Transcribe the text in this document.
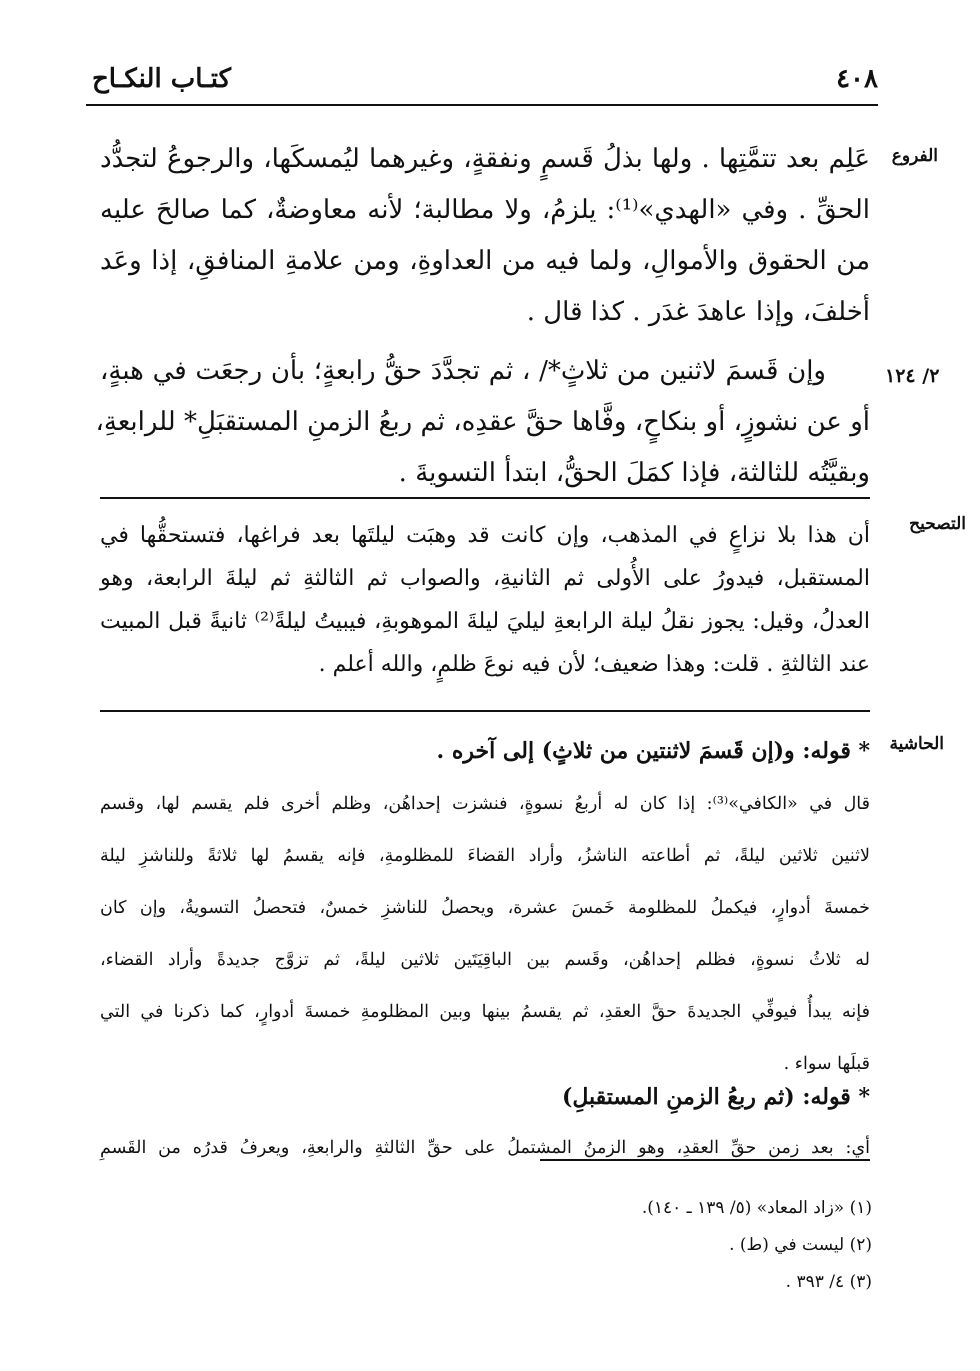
٤٠٨
كتـاب النكـاح
الفروع
عَلِم بعد تتمَّتِها . ولها بذلُ قَسمٍ ونفقةٍ، وغيرهما ليُمسكَها، والرجوعُ لتجدُّد
الحقِّ . وفي «الهدي»⁽¹⁾: يلزمُ، ولا مطالبة؛ لأنه معاوضةٌ، كما صالحَ عليه
من الحقوق والأموالِ، ولما فيه من العداوةِ، ومن علامةِ المنافقِ، إذا وعَد
أخلفَ، وإذا عاهدَ غدَر . كذا قال .
٢/ ١٢٤
وإن قَسمَ لاثنين من ثلاثٍ*/ ، ثم تجدَّدَ حقُّ رابعةٍ؛ بأن رجعَت في هبةٍ،
أو عن نشوزٍ، أو بنكاحٍ، وفَّاها حقَّ عقدِه، ثم ربعُ الزمنِ المستقبَلِ* للرابعةِ،
وبقيَّتُه للثالثة، فإذا كمَلَ الحقُّ، ابتدأ التسويةَ .
التصحيح
أن هذا بلا نزاعٍ في المذهب، وإن كانت قد وهبَت ليلتَها بعد فراغها، فتستحقُّها في
المستقبل، فيدورُ على الأُولى ثم الثانيةِ، والصواب ثم الثالثةِ ثم ليلةَ الرابعة، وهو
العدلُ، وقيل: يجوز نقلُ ليلة الرابعةِ ليليَ ليلةَ الموهوبةِ، فيبيتُ ليلةً⁽²⁾ ثانيةً قبل المبيت
عند الثالثةِ . قلت: وهذا ضعيف؛ لأن فيه نوعَ ظلمٍ، والله أعلم .
الحاشية
* قوله: و(إن قَسمَ لاثنتين من ثلاثٍ) إلى آخره .
قال في «الكافي»⁽³⁾: إذا كان له أربعُ نسوةٍ، فنشزت إحداهُن، وظلم أخرى فلم يقسم لها، وقسم
لاثنين ثلاثين ليلةً، ثم أطاعته الناشزُ، وأراد القضاءَ للمظلومةِ، فإنه يقسمُ لها ثلاثةً وللناشزِ ليلة
خمسةَ أدوارٍ، فيكملُ للمظلومة خَمسَ عشرة، ويحصلُ للناشزِ خمسٌ، فتحصلُ التسويةُ، وإن كان
له ثلاثُ نسوةٍ، فظلم إحداهُن، وقَسم بين الباقِيَتَين ثلاثين ليلةً، ثم تزوَّج جديدةً وأراد القضاء،
فإنه يبدأُ فيوفِّي الجديدةَ حقَّ العقدِ، ثم يقسمُ بينها وبين المظلومةِ خمسةَ أدوارٍ، كما ذكرنا في التي
قبلَها سواء .
* قوله: (ثم ربعُ الزمنِ المستقبلِ)
أي: بعد زمن حقِّ العقدِ، وهو الزمنُ المشتملُ على حقِّ الثالثةِ والرابعةِ، ويعرفُ قدرُه من القَسمِ
(١) «زاد المعاد» (٥/ ١٣٩ ـ ١٤٠).
(٢) ليست في (ط) .
(٣) ٤/ ٣٩٣ .
